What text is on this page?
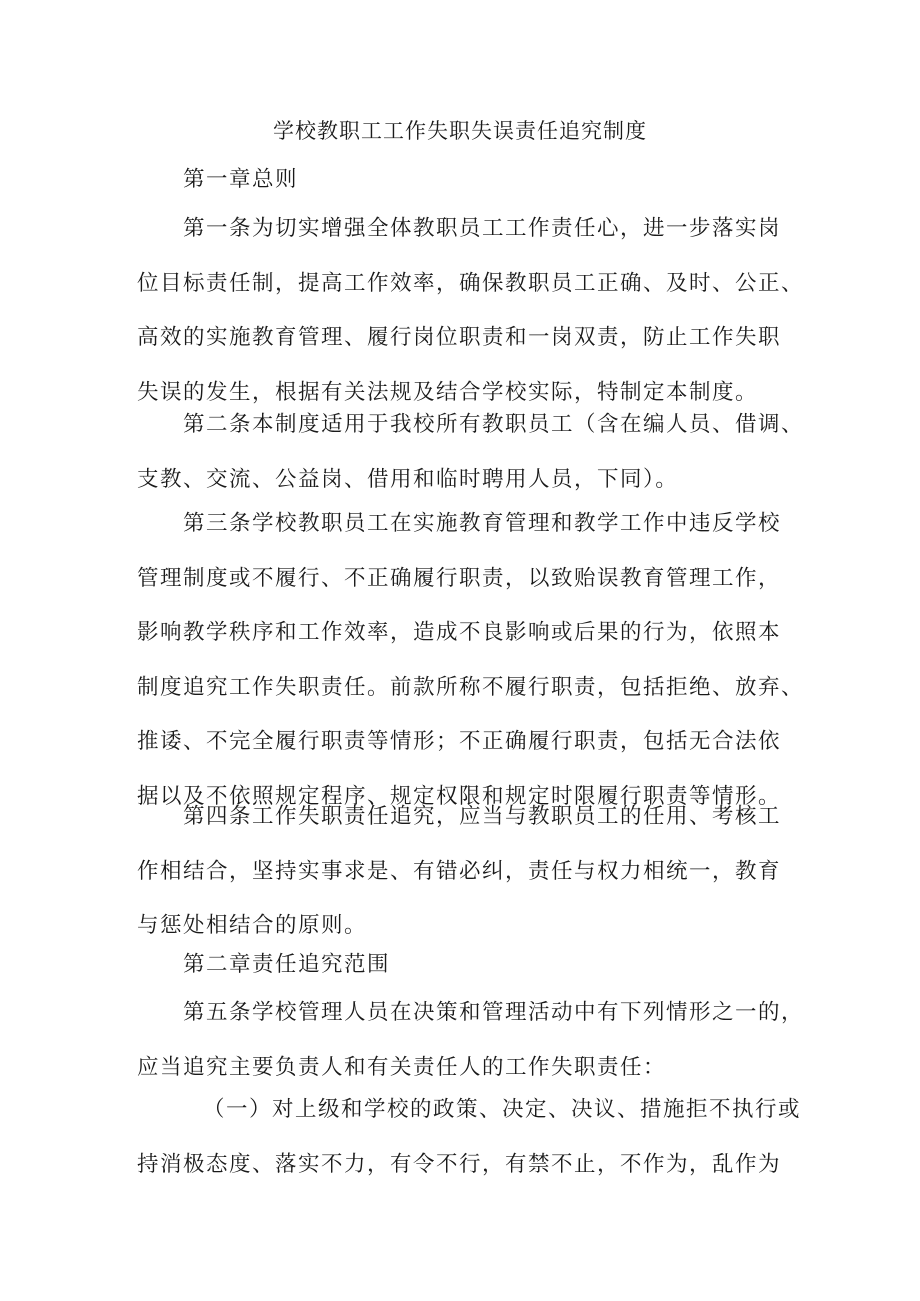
学校教职工工作失职失误责任追究制度

第一章总则

第一条为切实增强全体教职员工工作责任心，进一步落实岗
位目标责任制，提高工作效率，确保教职员工正确、及时、公正、
高效的实施教育管理、履行岗位职责和一岗双责，防止工作失职
失误的发生，根据有关法规及结合学校实际，特制定本制度。

第二条本制度适用于我校所有教职员工（含在编人员、借调、
支教、交流、公益岗、借用和临时聘用人员，下同）。

第三条学校教职员工在实施教育管理和教学工作中违反学校
管理制度或不履行、不正确履行职责，以致贻误教育管理工作，
影响教学秩序和工作效率，造成不良影响或后果的行为，依照本
制度追究工作失职责任。前款所称不履行职责，包括拒绝、放弃、
推诿、不完全履行职责等情形；不正确履行职责，包括无合法依
据以及不依照规定程序、规定权限和规定时限履行职责等情形。

第四条工作失职责任追究，应当与教职员工的任用、考核工
作相结合，坚持实事求是、有错必纠，责任与权力相统一，教育
与惩处相结合的原则。

第二章责任追究范围

第五条学校管理人员在决策和管理活动中有下列情形之一的，
应当追究主要负责人和有关责任人的工作失职责任：

（一）对上级和学校的政策、决定、决议、措施拒不执行或
持消极态度、落实不力，有令不行，有禁不止，不作为，乱作为
